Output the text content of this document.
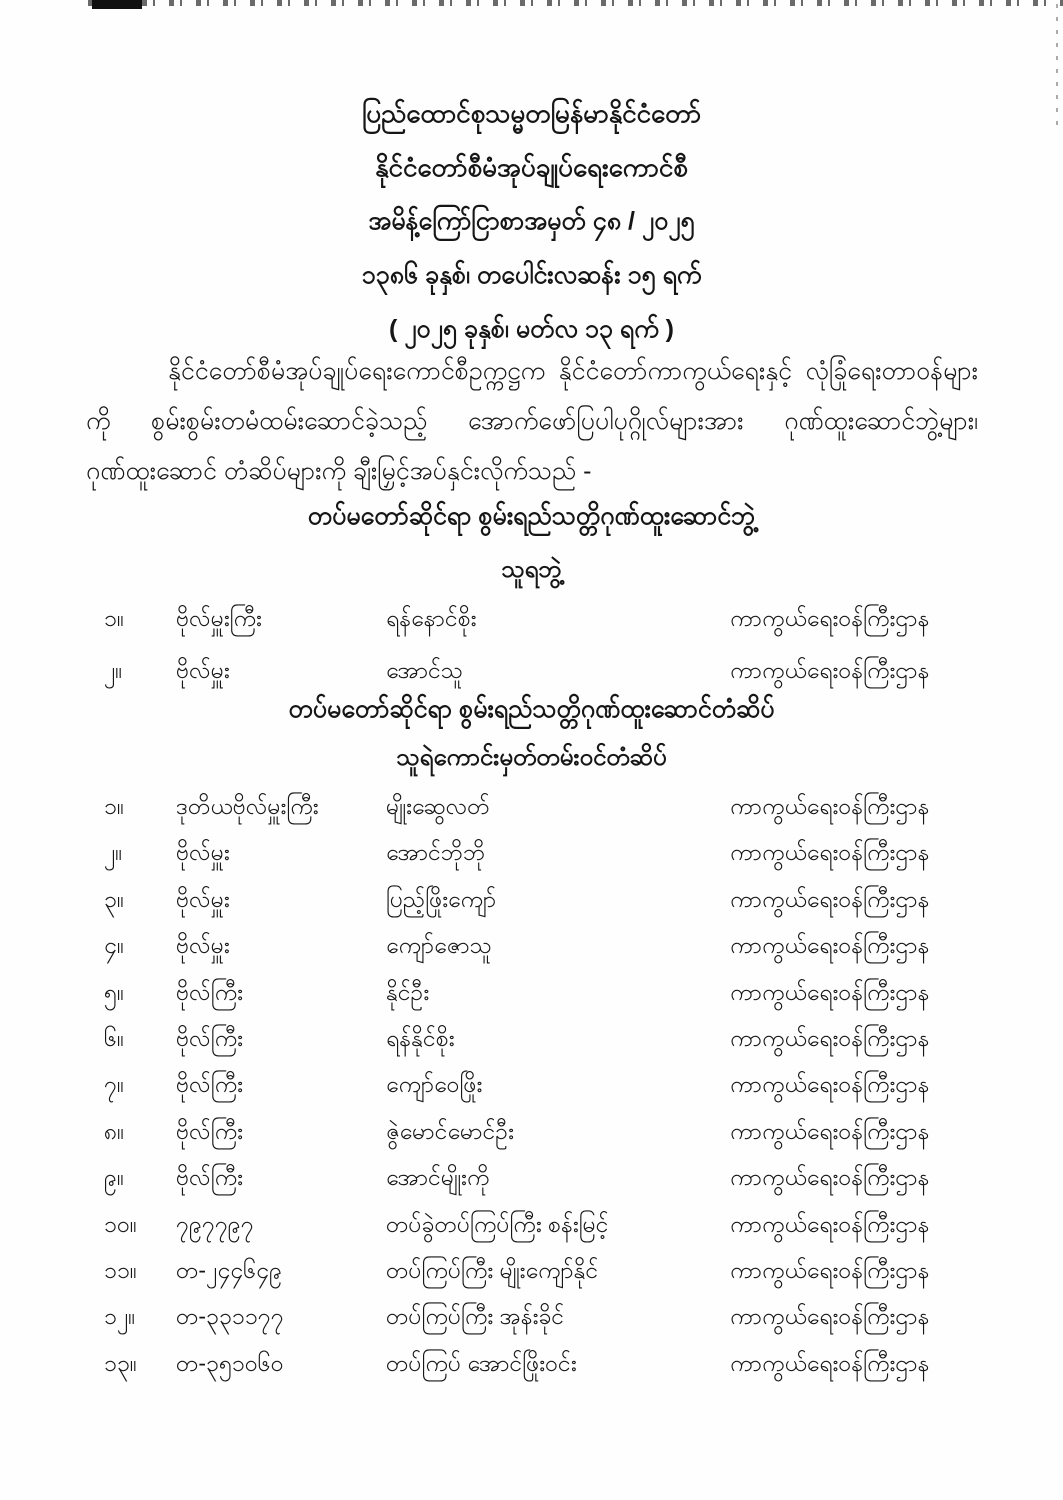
ပြည်ထောင်စုသမ္မတမြန်မာနိုင်ငံတော်
နိုင်ငံတော်စီမံအုပ်ချုပ်ရေးကောင်စီ
အမိန့်ကြော်ငြာစာအမှတ် ၄၈ / ၂၀၂၅
၁၃၈၆ ခုနှစ်၊ တပေါင်းလဆန်း ၁၅ ရက်
( ၂၀၂၅ ခုနှစ်၊ မတ်လ ၁၃ ရက် )

နိုင်ငံတော်စီမံအုပ်ချုပ်ရေးကောင်စီဥက္ကဋ္ဌက နိုင်ငံတော်ကာကွယ်ရေးနှင့် လုံခြုံရေးတာဝန်များကို စွမ်းစွမ်းတမံထမ်းဆောင်ခဲ့သည့် အောက်ဖော်ပြပါပုဂ္ဂိုလ်များအား ဂုဏ်ထူးဆောင်ဘွဲ့များ၊ ဂုဏ်ထူးဆောင် တံဆိပ်များကို ချီးမြှင့်အပ်နှင်းလိုက်သည် -

တပ်မတော်ဆိုင်ရာ စွမ်းရည်သတ္တိဂုဏ်ထူးဆောင်ဘွဲ့
သူရဘွဲ့
၁။	ဗိုလ်မှူးကြီး	ရန်နောင်စိုး	ကာကွယ်ရေးဝန်ကြီးဌာန
၂။	ဗိုလ်မှူး	အောင်သူ	ကာကွယ်ရေးဝန်ကြီးဌာန
တပ်မတော်ဆိုင်ရာ စွမ်းရည်သတ္တိဂုဏ်ထူးဆောင်တံဆိပ်
သူရဲကောင်းမှတ်တမ်းဝင်တံဆိပ်
၁။	ဒုတိယဗိုလ်မှူးကြီး	မျိုးဆွေလတ်	ကာကွယ်ရေးဝန်ကြီးဌာန
၂။	ဗိုလ်မှူး	အောင်ဘိုဘို	ကာကွယ်ရေးဝန်ကြီးဌာန
၃။	ဗိုလ်မှူး	ပြည့်ဖြိုးကျော်	ကာကွယ်ရေးဝန်ကြီးဌာန
၄။	ဗိုလ်မှူး	ကျော်ဇောသူ	ကာကွယ်ရေးဝန်ကြီးဌာန
၅။	ဗိုလ်ကြီး	နိုင်ဦး	ကာကွယ်ရေးဝန်ကြီးဌာန
၆။	ဗိုလ်ကြီး	ရန်နိုင်စိုး	ကာကွယ်ရေးဝန်ကြီးဌာန
၇။	ဗိုလ်ကြီး	ကျော်ဝေဖြိုး	ကာကွယ်ရေးဝန်ကြီးဌာန
၈။	ဗိုလ်ကြီး	ဇွဲမောင်မောင်ဦး	ကာကွယ်ရေးဝန်ကြီးဌာန
၉။	ဗိုလ်ကြီး	အောင်မျိုးကို	ကာကွယ်ရေးဝန်ကြီးဌာန
၁၀။	၇၉၇၇၉၇	တပ်ခွဲတပ်ကြပ်ကြီး စန်းမြင့်	ကာကွယ်ရေးဝန်ကြီးဌာန
၁၁။	တ-၂၄၄၆၄၉	တပ်ကြပ်ကြီး မျိုးကျော်နိုင်	ကာကွယ်ရေးဝန်ကြီးဌာန
၁၂။	တ-၃၃၁၁၇၇	တပ်ကြပ်ကြီး အုန်းခိုင်	ကာကွယ်ရေးဝန်ကြီးဌာန
၁၃။	တ-၃၅၁၀၆၀	တပ်ကြပ် အောင်ဖြိုးဝင်း	ကာကွယ်ရေးဝန်ကြီးဌာန
